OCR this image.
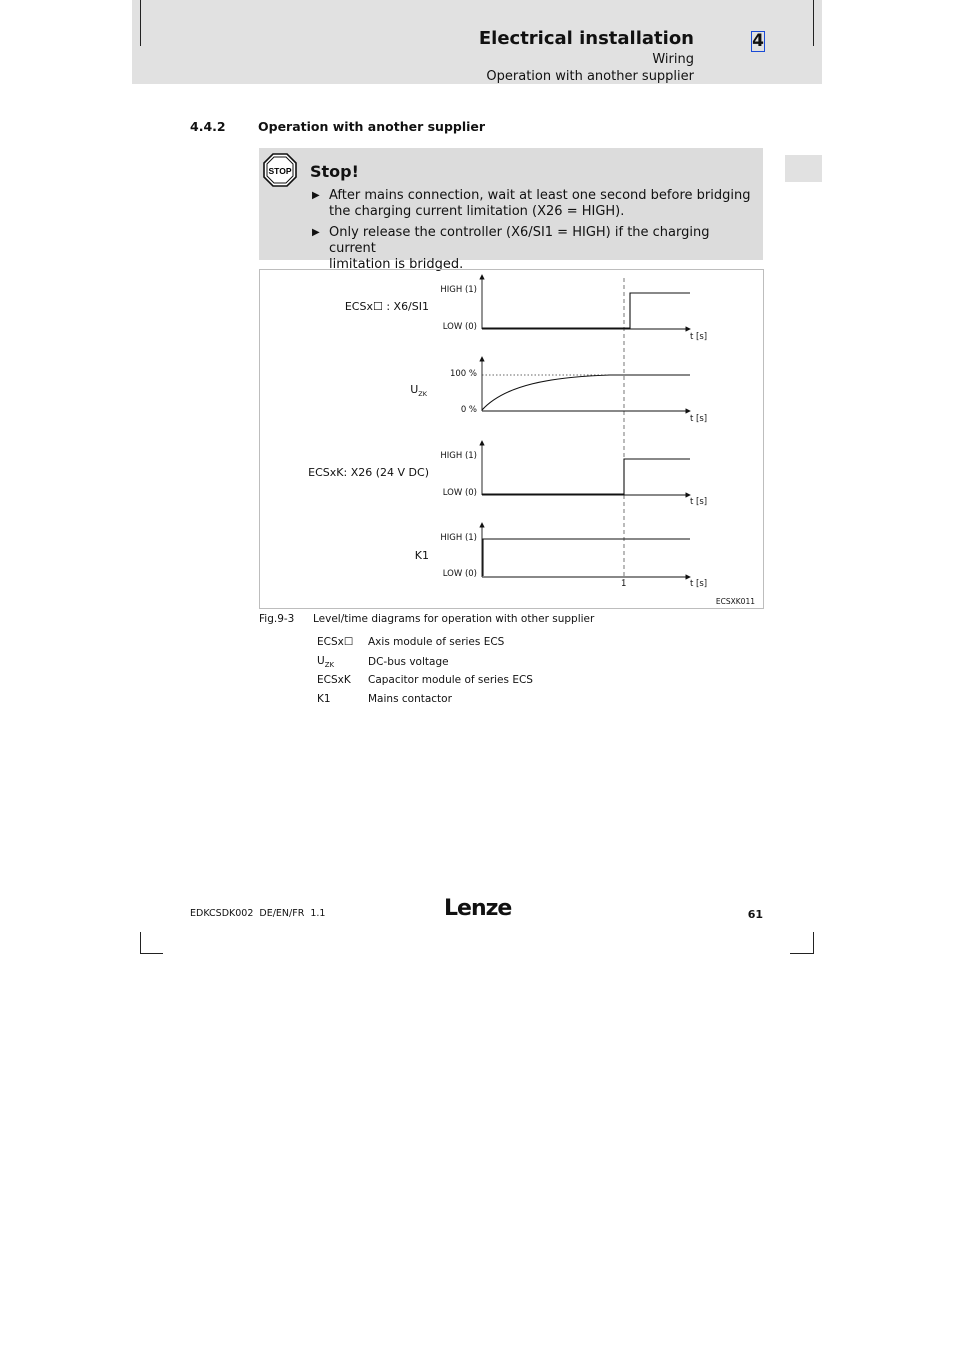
Electrical installation
Wiring
Operation with another supplier
4
4.4.2	Operation with another supplier
STOP Stop!
▶ After mains connection, wait at least one second before bridging
the charging current limitation (X26 = HIGH).
▶ Only release the controller (X6/SI1 = HIGH) if the charging current
limitation is bridged.
ECSx☐ : X6/SI1
HIGH (1)
LOW (0)
t [s]
$U_{ZK}$
100 %
0 %
t [s]
ECSxK: X26 (24 V DC)
HIGH (1)
LOW (0)
t [s]
K1
HIGH (1)
LOW (0)
t [s]
1
ECSXK011
Fig.9-3 Level/time diagrams for operation with other supplier
ECSx☐ Axis module of series ECS
$U_{ZK}$	DC-bus voltage
ECSxK Capacitor module of series ECS
K1	Mains contactor
EDKCSDK002  DE/EN/FR  1.1	Lenze	61
